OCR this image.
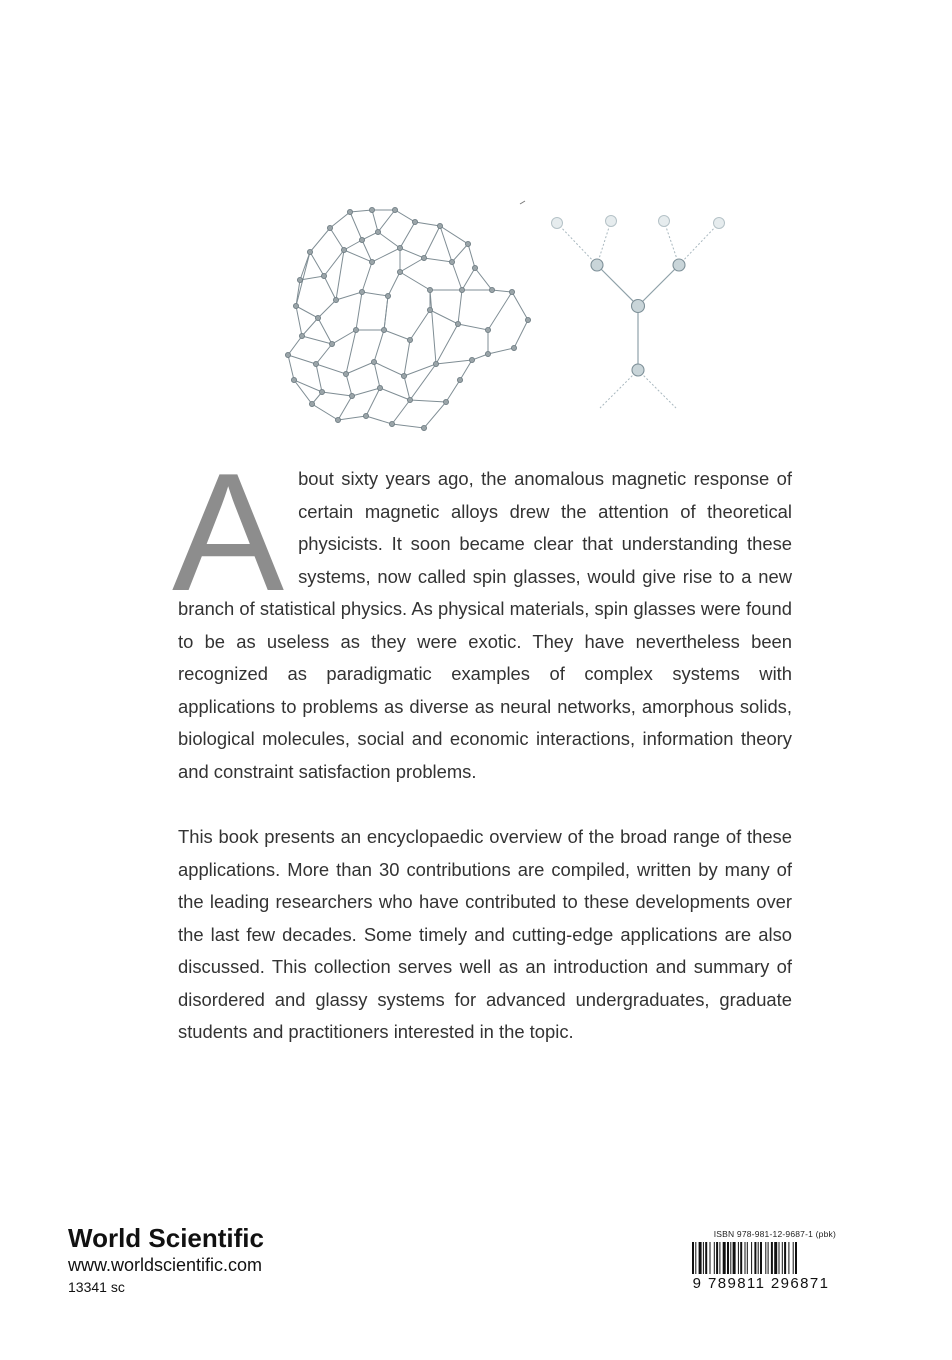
A bout sixty years ago, the anomalous magnetic response of certain magnetic alloys drew the attention of theoretical physicists. It soon became clear that understanding these systems, now called spin glasses, would give rise to a new branch of statistical physics. As physical materials, spin glasses were found to be as useless as they were exotic. They have nevertheless been recognized as paradigmatic examples of complex systems with applications to problems as diverse as neural networks, amorphous solids, biological molecules, social and economic interactions, information theory and constraint satisfaction problems.
This book presents an encyclopaedic overview of the broad range of these applications. More than 30 contributions are compiled, written by many of the leading researchers who have contributed to these developments over the last few decades. Some timely and cutting-edge applications are also discussed. This collection serves well as an introduction and summary of disordered and glassy systems for advanced undergraduates, graduate students and practitioners interested in the topic.
World Scientific
www.worldscientific.com
13341 sc
ISBN 978-981-12-9687-1 (pbk)
9 789811 296871
